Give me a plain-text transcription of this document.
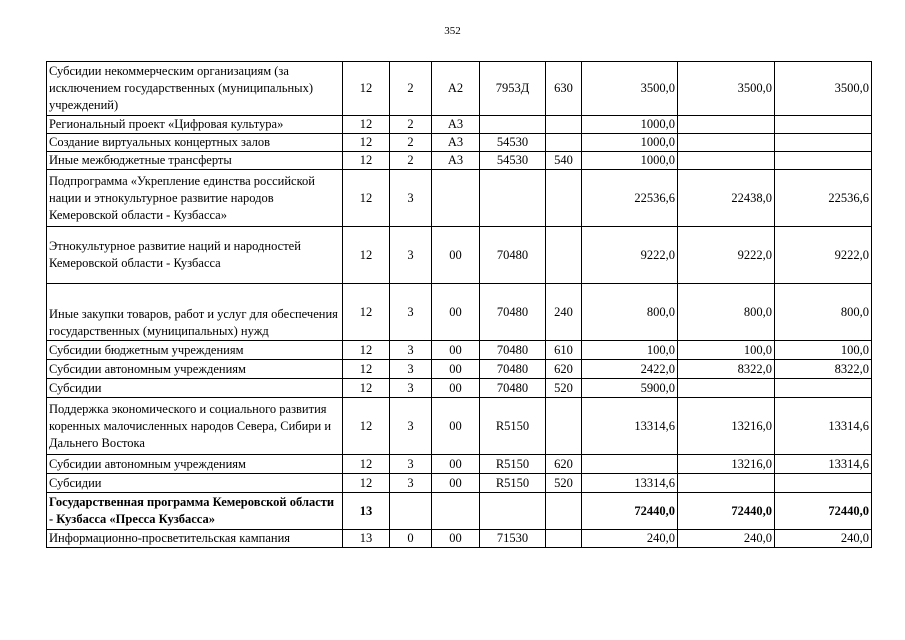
352
Субсидии некоммерческим организациям (за исключением государственных (муниципальных) учреждений)	12	2	А2	7953Д	630	3500,0	3500,0	3500,0
Региональный проект «Цифровая культура»	12	2	А3			1000,0		
Создание виртуальных концертных залов	12	2	А3	54530		1000,0		
Иные межбюджетные трансферты	12	2	А3	54530	540	1000,0		
Подпрограмма «Укрепление единства российской нации и этнокультурное развитие народов Кемеровской области - Кузбасса»	12	3				22536,6	22438,0	22536,6
Этнокультурное развитие наций и народностей Кемеровской области - Кузбасса	12	3	00	70480		9222,0	9222,0	9222,0
Иные закупки товаров, работ и услуг для обеспечения государственных (муниципальных) нужд	12	3	00	70480	240	800,0	800,0	800,0
Субсидии бюджетным учреждениям	12	3	00	70480	610	100,0	100,0	100,0
Субсидии автономным учреждениям	12	3	00	70480	620	2422,0	8322,0	8322,0
Субсидии	12	3	00	70480	520	5900,0		
Поддержка экономического и социального развития коренных малочисленных народов Севера, Сибири и Дальнего Востока	12	3	00	R5150		13314,6	13216,0	13314,6
Субсидии автономным учреждениям	12	3	00	R5150	620		13216,0	13314,6
Субсидии	12	3	00	R5150	520	13314,6		
Государственная программа Кемеровской области - Кузбасса «Пресса Кузбасса»	13					72440,0	72440,0	72440,0
Информационно-просветительская кампания	13	0	00	71530		240,0	240,0	240,0
